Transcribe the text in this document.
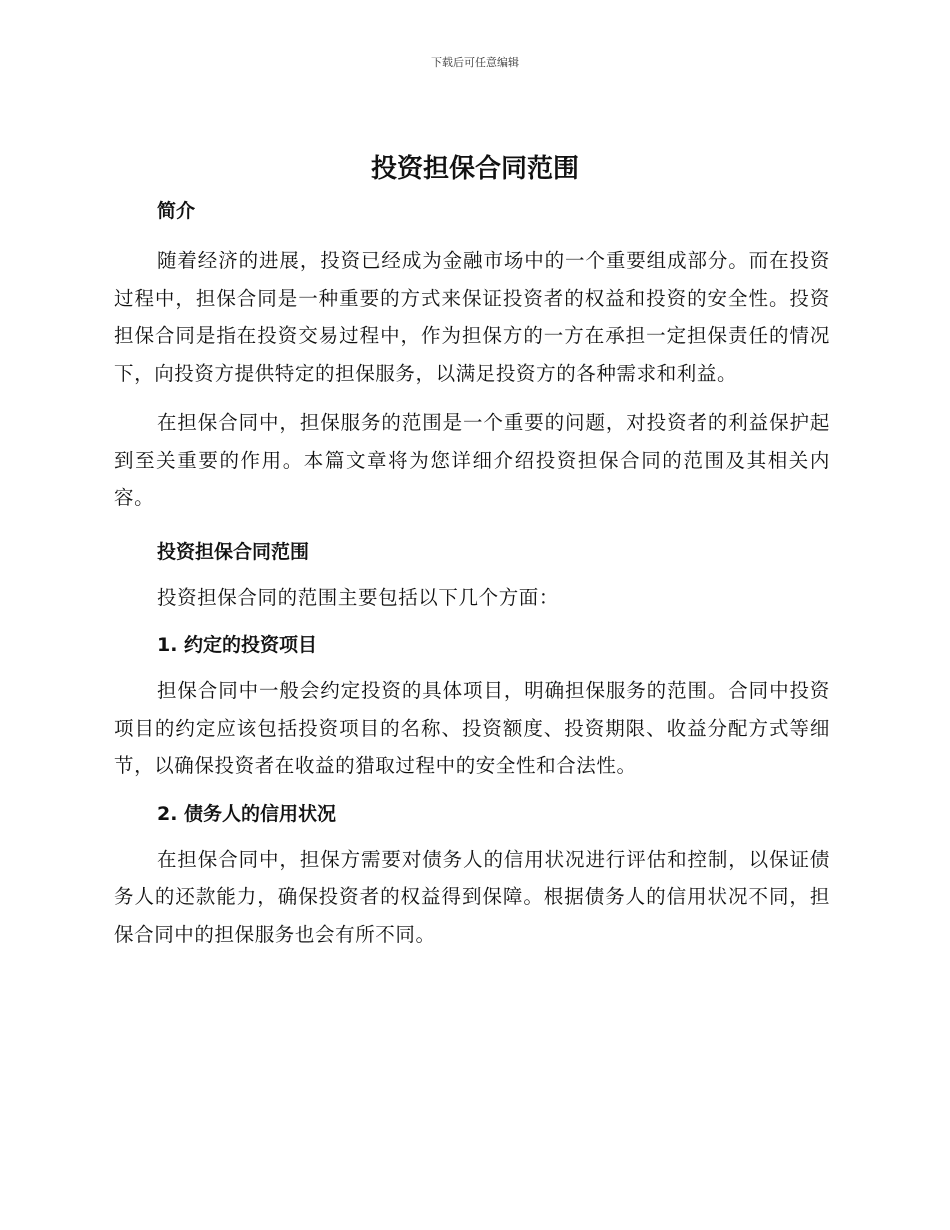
下载后可任意编辑
投资担保合同范围
简介

随着经济的进展，投资已经成为金融市场中的一个重要组成部分。而在投资过程中，担保合同是一种重要的方式来保证投资者的权益和投资的安全性。投资担保合同是指在投资交易过程中，作为担保方的一方在承担一定担保责任的情况下，向投资方提供特定的担保服务，以满足投资方的各种需求和利益。

在担保合同中，担保服务的范围是一个重要的问题，对投资者的利益保护起到至关重要的作用。本篇文章将为您详细介绍投资担保合同的范围及其相关内容。

投资担保合同范围

投资担保合同的范围主要包括以下几个方面：

1. 约定的投资项目

担保合同中一般会约定投资的具体项目，明确担保服务的范围。合同中投资项目的约定应该包括投资项目的名称、投资额度、投资期限、收益分配方式等细节，以确保投资者在收益的猎取过程中的安全性和合法性。

2. 债务人的信用状况

在担保合同中，担保方需要对债务人的信用状况进行评估和控制，以保证债务人的还款能力，确保投资者的权益得到保障。根据债务人的信用状况不同，担保合同中的担保服务也会有所不同。
